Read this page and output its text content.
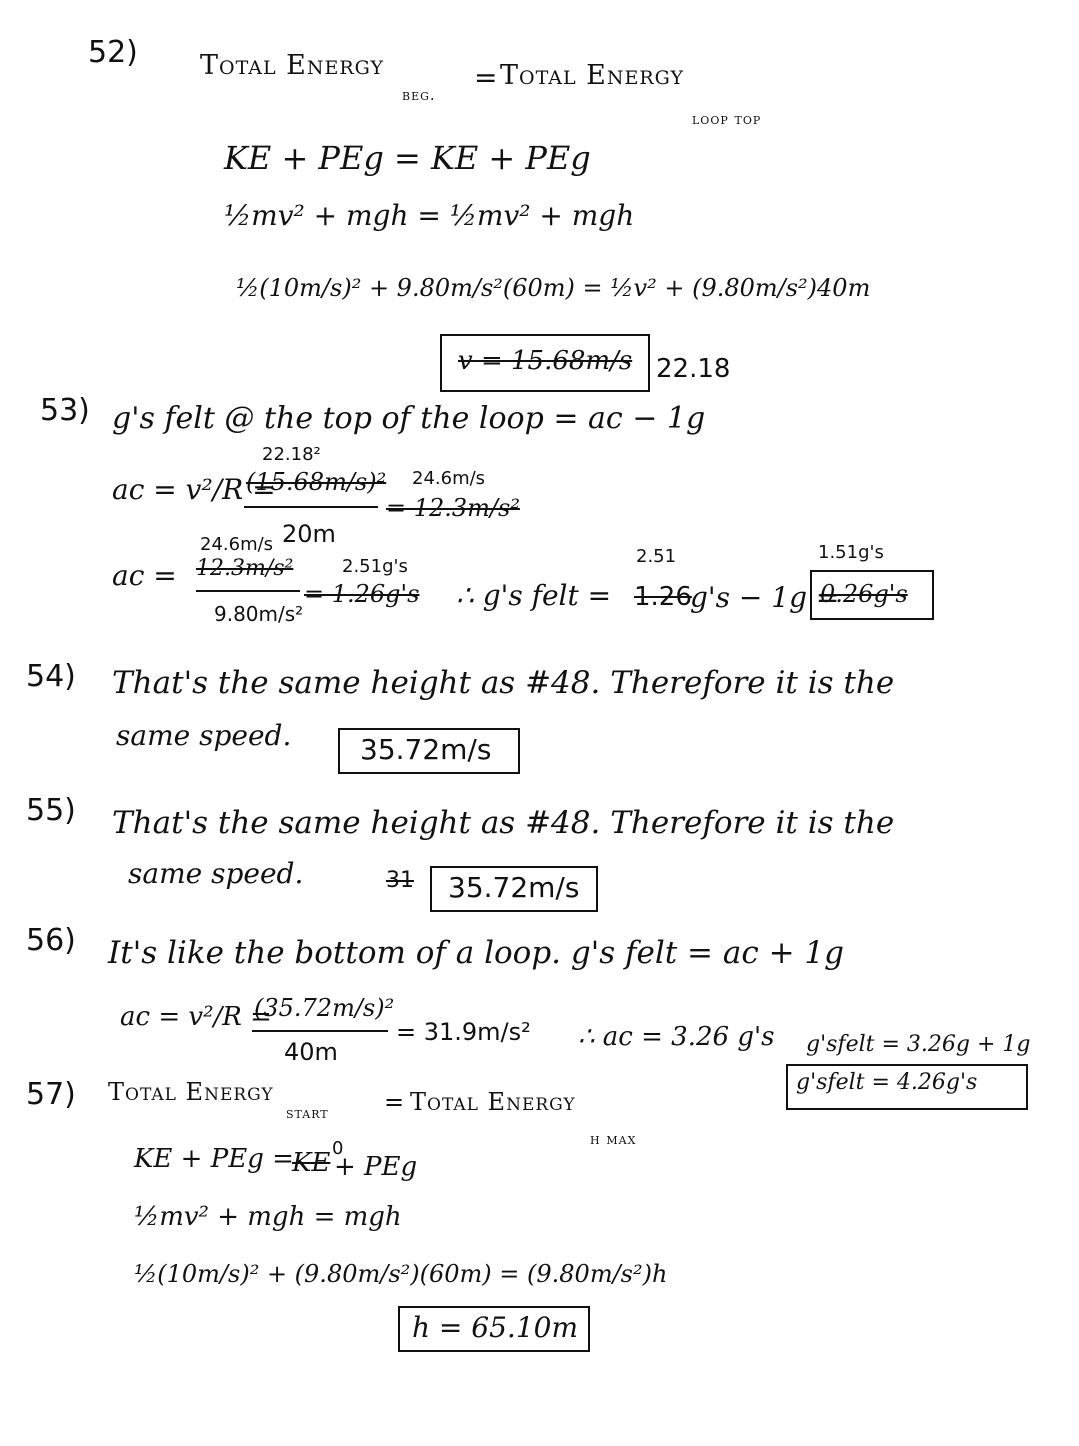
52) Total Energy
beg.
= Total Energy
loop top
KE + PEg = KE + PEg
½mv² + mgh = ½mv² + mgh
½(10m/s)² + 9.80m/s²(60m) = ½v² + (9.80m/s²)40m
v = 15.68m/s 22.18
53) g's felt @ the top of the loop = ac − 1g
22.18²
ac = v²/R =
(15.68m/s)²
20m
24.6m/s
= 12.3m/s²
24.6m/s
ac = 12.3m/s²
9.80m/s²
2.51g's
= 1.26g's ∴ g's felt =
2.51
1.26
g's − 1g =
1.51g's
0.26g's
54) That's the same height as #48. Therefore it is the
same speed. 35.72m/s
55) That's the same height as #48. Therefore it is the
same speed.	31 35.72m/s
56) It's like the bottom of a loop. g's felt = ac + 1g
ac = v²/R =
(35.72m/s)²
40m
= 31.9m/s² ∴ ac = 3.26 g's g'sfelt = 3.26g + 1g
g'sfelt = 4.26g's
57) Total Energy
start = Total Energy
h max
KE + PEg =
KE 0
+ PEg
½mv² + mgh = mgh
½(10m/s)² + (9.80m/s²)(60m) = (9.80m/s²)h
h = 65.10m
